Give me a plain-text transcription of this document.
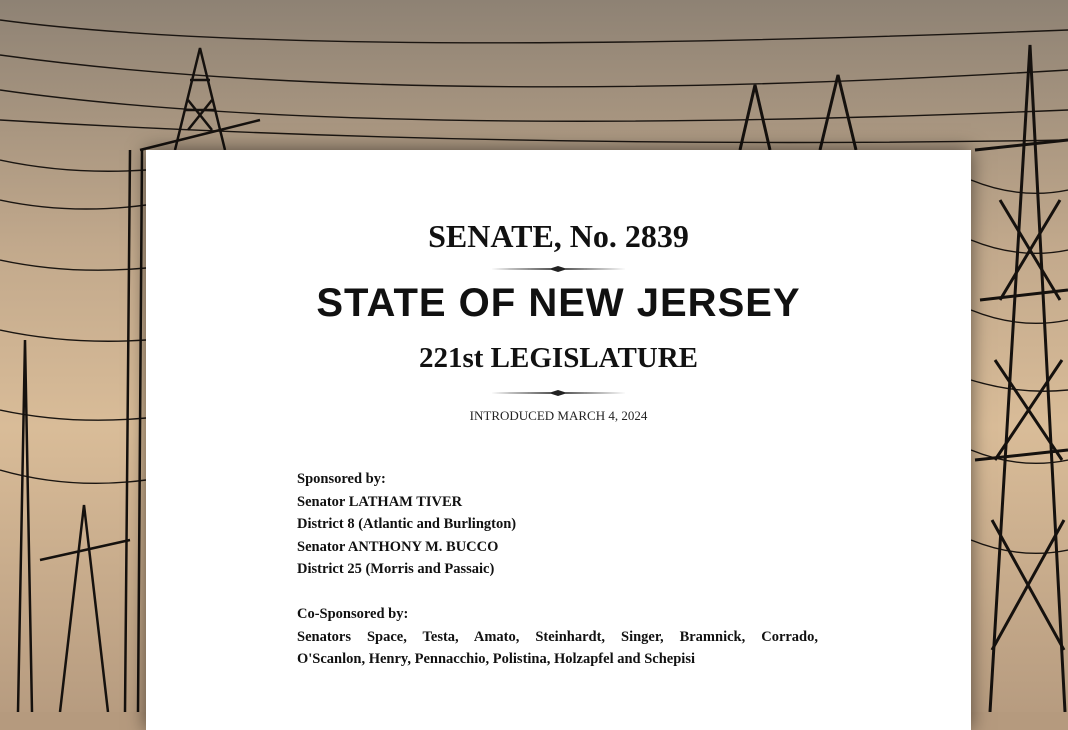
SENATE, No. 2839
STATE OF NEW JERSEY
221st LEGISLATURE
INTRODUCED MARCH 4, 2024
Sponsored by:
Senator LATHAM TIVER
District 8 (Atlantic and Burlington)
Senator ANTHONY M. BUCCO
District 25 (Morris and Passaic)
Co-Sponsored by:
Senators Space, Testa, Amato, Steinhardt, Singer, Bramnick, Corrado,
O'Scanlon, Henry, Pennacchio, Polistina, Holzapfel and Schepisi
